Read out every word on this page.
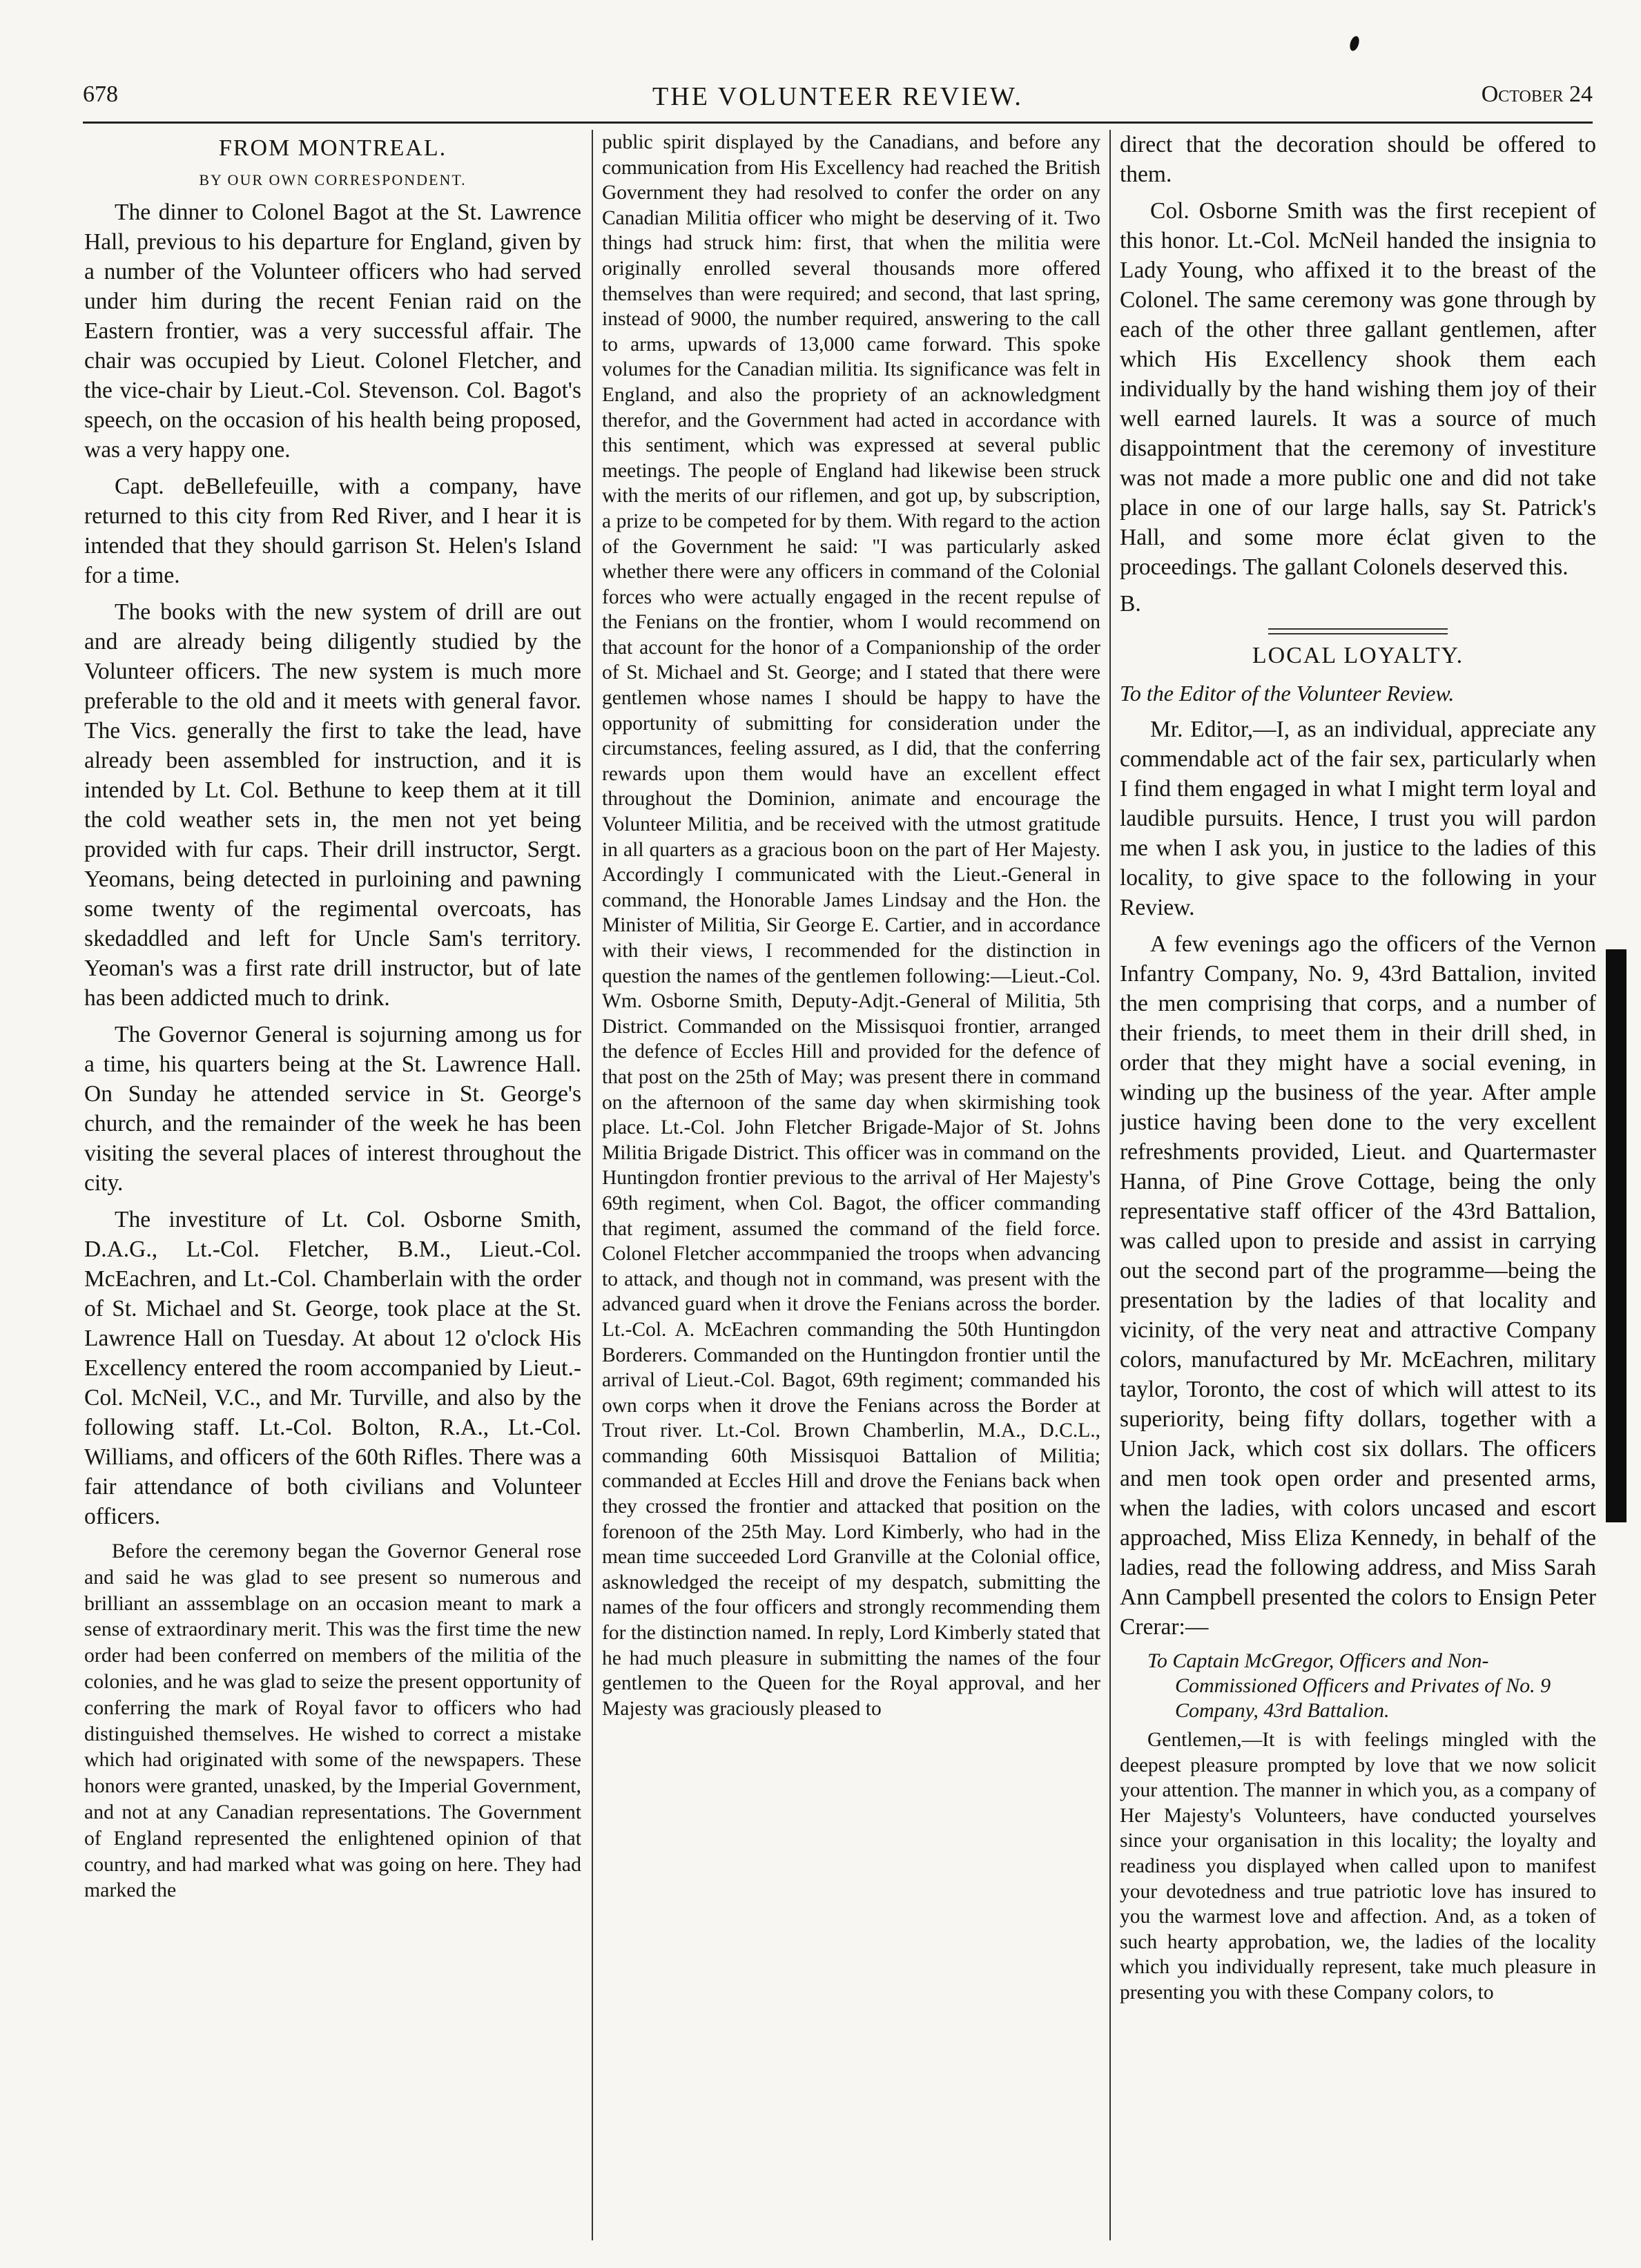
678	THE VOLUNTEER REVIEW.	October 24
FROM MONTREAL.
BY OUR OWN CORRESPONDENT.

The dinner to Colonel Bagot at the St. Lawrence Hall, previous to his departure for England, given by a number of the Volunteer officers who had served under him during the recent Fenian raid on the Eastern frontier, was a very successful affair. The chair was occupied by Lieut. Colonel Fletcher, and the vice-chair by Lieut.-Col. Stevenson. Col. Bagot's speech, on the occasion of his health being proposed, was a very happy one.

Capt. deBellefeuille, with a company, have returned to this city from Red River, and I hear it is intended that they should garrison St. Helen's Island for a time.

The books with the new system of drill are out and are already being diligently studied by the Volunteer officers. The new system is much more preferable to the old and it meets with general favor. The Vics. generally the first to take the lead, have already been assembled for instruction, and it is intended by Lt. Col. Bethune to keep them at it till the cold weather sets in, the men not yet being provided with fur caps. Their drill instructor, Sergt. Yeomans, being detected in purloining and pawning some twenty of the regimental overcoats, has skedaddled and left for Uncle Sam's territory. Yeoman's was a first rate drill instructor, but of late has been addicted much to drink.

The Governor General is sojurning among us for a time, his quarters being at the St. Lawrence Hall. On Sunday he attended service in St. George's church, and the remainder of the week he has been visiting the several places of interest throughout the city.

The investiture of Lt. Col. Osborne Smith, D.A.G., Lt.-Col. Fletcher, B.M., Lieut.-Col. McEachren, and Lt.-Col. Chamberlain with the order of St. Michael and St. George, took place at the St. Lawrence Hall on Tuesday. At about 12 o'clock His Excellency entered the room accompanied by Lieut.-Col. McNeil, V.C., and Mr. Turville, and also by the following staff. Lt.-Col. Bolton, R.A., Lt.-Col. Williams, and officers of the 60th Rifles. There was a fair attendance of both civilians and Volunteer officers.

Before the ceremony began the Governor General rose and said he was glad to see present so numerous and brilliant an asssemblage on an occasion meant to mark a sense of extraordinary merit. This was the first time the new order had been conferred on members of the militia of the colonies, and he was glad to seize the present opportunity of conferring the mark of Royal favor to officers who had distinguished themselves. He wished to correct a mistake which had originated with some of the newspapers. These honors were granted, unasked, by the Imperial Government, and not at any Canadian representations. The Government of England represented the enlightened opinion of that country, and had marked what was going on here. They had marked the

public spirit displayed by the Canadians, and before any communication from His Excellency had reached the British Government they had resolved to confer the order on any Canadian Militia officer who might be deserving of it. Two things had struck him: first, that when the militia were originally enrolled several thousands more offered themselves than were required; and second, that last spring, instead of 9000, the number required, answering to the call to arms, upwards of 13,000 came forward. This spoke volumes for the Canadian militia. Its significance was felt in England, and also the propriety of an acknowledgment therefor, and the Government had acted in accordance with this sentiment, which was expressed at several public meetings. The people of England had likewise been struck with the merits of our riflemen, and got up, by subscription, a prize to be competed for by them. With regard to the action of the Government he said: "I was particularly asked whether there were any officers in command of the Colonial forces who were actually engaged in the recent repulse of the Fenians on the frontier, whom I would recommend on that account for the honor of a Companionship of the order of St. Michael and St. George; and I stated that there were gentlemen whose names I should be happy to have the opportunity of submitting for consideration under the circumstances, feeling assured, as I did, that the conferring rewards upon them would have an excellent effect throughout the Dominion, animate and encourage the Volunteer Militia, and be received with the utmost gratitude in all quarters as a gracious boon on the part of Her Majesty. Accordingly I communicated with the Lieut.-General in command, the Honorable James Lindsay and the Hon. the Minister of Militia, Sir George E. Cartier, and in accordance with their views, I recommended for the distinction in question the names of the gentlemen following:—Lieut.-Col. Wm. Osborne Smith, Deputy-Adjt.-General of Militia, 5th District. Commanded on the Missisquoi frontier, arranged the defence of Eccles Hill and provided for the defence of that post on the 25th of May; was present there in command on the afternoon of the same day when skirmishing took place. Lt.-Col. John Fletcher Brigade-Major of St. Johns Militia Brigade District. This officer was in command on the Huntingdon frontier previous to the arrival of Her Majesty's 69th regiment, when Col. Bagot, the officer commanding that regiment, assumed the command of the field force. Colonel Fletcher accommpanied the troops when advancing to attack, and though not in command, was present with the advanced guard when it drove the Fenians across the border. Lt.-Col. A. McEachren commanding the 50th Huntingdon Borderers. Commanded on the Huntingdon frontier until the arrival of Lieut.-Col. Bagot, 69th regiment; commanded his own corps when it drove the Fenians across the Border at Trout river. Lt.-Col. Brown Chamberlin, M.A., D.C.L., commanding 60th Missisquoi Battalion of Militia; commanded at Eccles Hill and drove the Fenians back when they crossed the frontier and attacked that position on the forenoon of the 25th May. Lord Kimberly, who had in the mean time succeeded Lord Granville at the Colonial office, asknowledged the receipt of my despatch, submitting the names of the four officers and strongly recommending them for the distinction named. In reply, Lord Kimberly stated that he had much pleasure in submitting the names of the four gentlemen to the Queen for the Royal approval, and her Majesty was graciously pleased to

direct that the decoration should be offered to them.

Col. Osborne Smith was the first recepient of this honor. Lt.-Col. McNeil handed the insignia to Lady Young, who affixed it to the breast of the Colonel. The same ceremony was gone through by each of the other three gallant gentlemen, after which His Excellency shook them each individually by the hand wishing them joy of their well earned laurels. It was a source of much disappointment that the ceremony of investiture was not made a more public one and did not take place in one of our large halls, say St. Patrick's Hall, and some more éclat given to the proceedings. The gallant Colonels deserved this.

B.

LOCAL LOYALTY.
To the Editor of the Volunteer Review.

Mr. Editor,—I, as an individual, appreciate any commendable act of the fair sex, particularly when I find them engaged in what I might term loyal and laudible pursuits. Hence, I trust you will pardon me when I ask you, in justice to the ladies of this locality, to give space to the following in your Review.

A few evenings ago the officers of the Vernon Infantry Company, No. 9, 43rd Battalion, invited the men comprising that corps, and a number of their friends, to meet them in their drill shed, in order that they might have a social evening, in winding up the business of the year. After ample justice having been done to the very excellent refreshments provided, Lieut. and Quartermaster Hanna, of Pine Grove Cottage, being the only representative staff officer of the 43rd Battalion, was called upon to preside and assist in carrying out the second part of the programme—being the presentation by the ladies of that locality and vicinity, of the very neat and attractive Company colors, manufactured by Mr. McEachren, military taylor, Toronto, the cost of which will attest to its superiority, being fifty dollars, together with a Union Jack, which cost six dollars. The officers and men took open order and presented arms, when the ladies, with colors uncased and escort approached, Miss Eliza Kennedy, in behalf of the ladies, read the following address, and Miss Sarah Ann Campbell presented the colors to Ensign Peter Crerar:—

To Captain McGregor, Officers and Non-Commissioned Officers and Privates of No. 9 Company, 43rd Battalion.

Gentlemen,—It is with feelings mingled with the deepest pleasure prompted by love that we now solicit your attention. The manner in which you, as a company of Her Majesty's Volunteers, have conducted yourselves since your organisation in this locality; the loyalty and readiness you displayed when called upon to manifest your devotedness and true patriotic love has insured to you the warmest love and affection. And, as a token of such hearty approbation, we, the ladies of the locality which you individually represent, take much pleasure in presenting you with these Company colors, to
